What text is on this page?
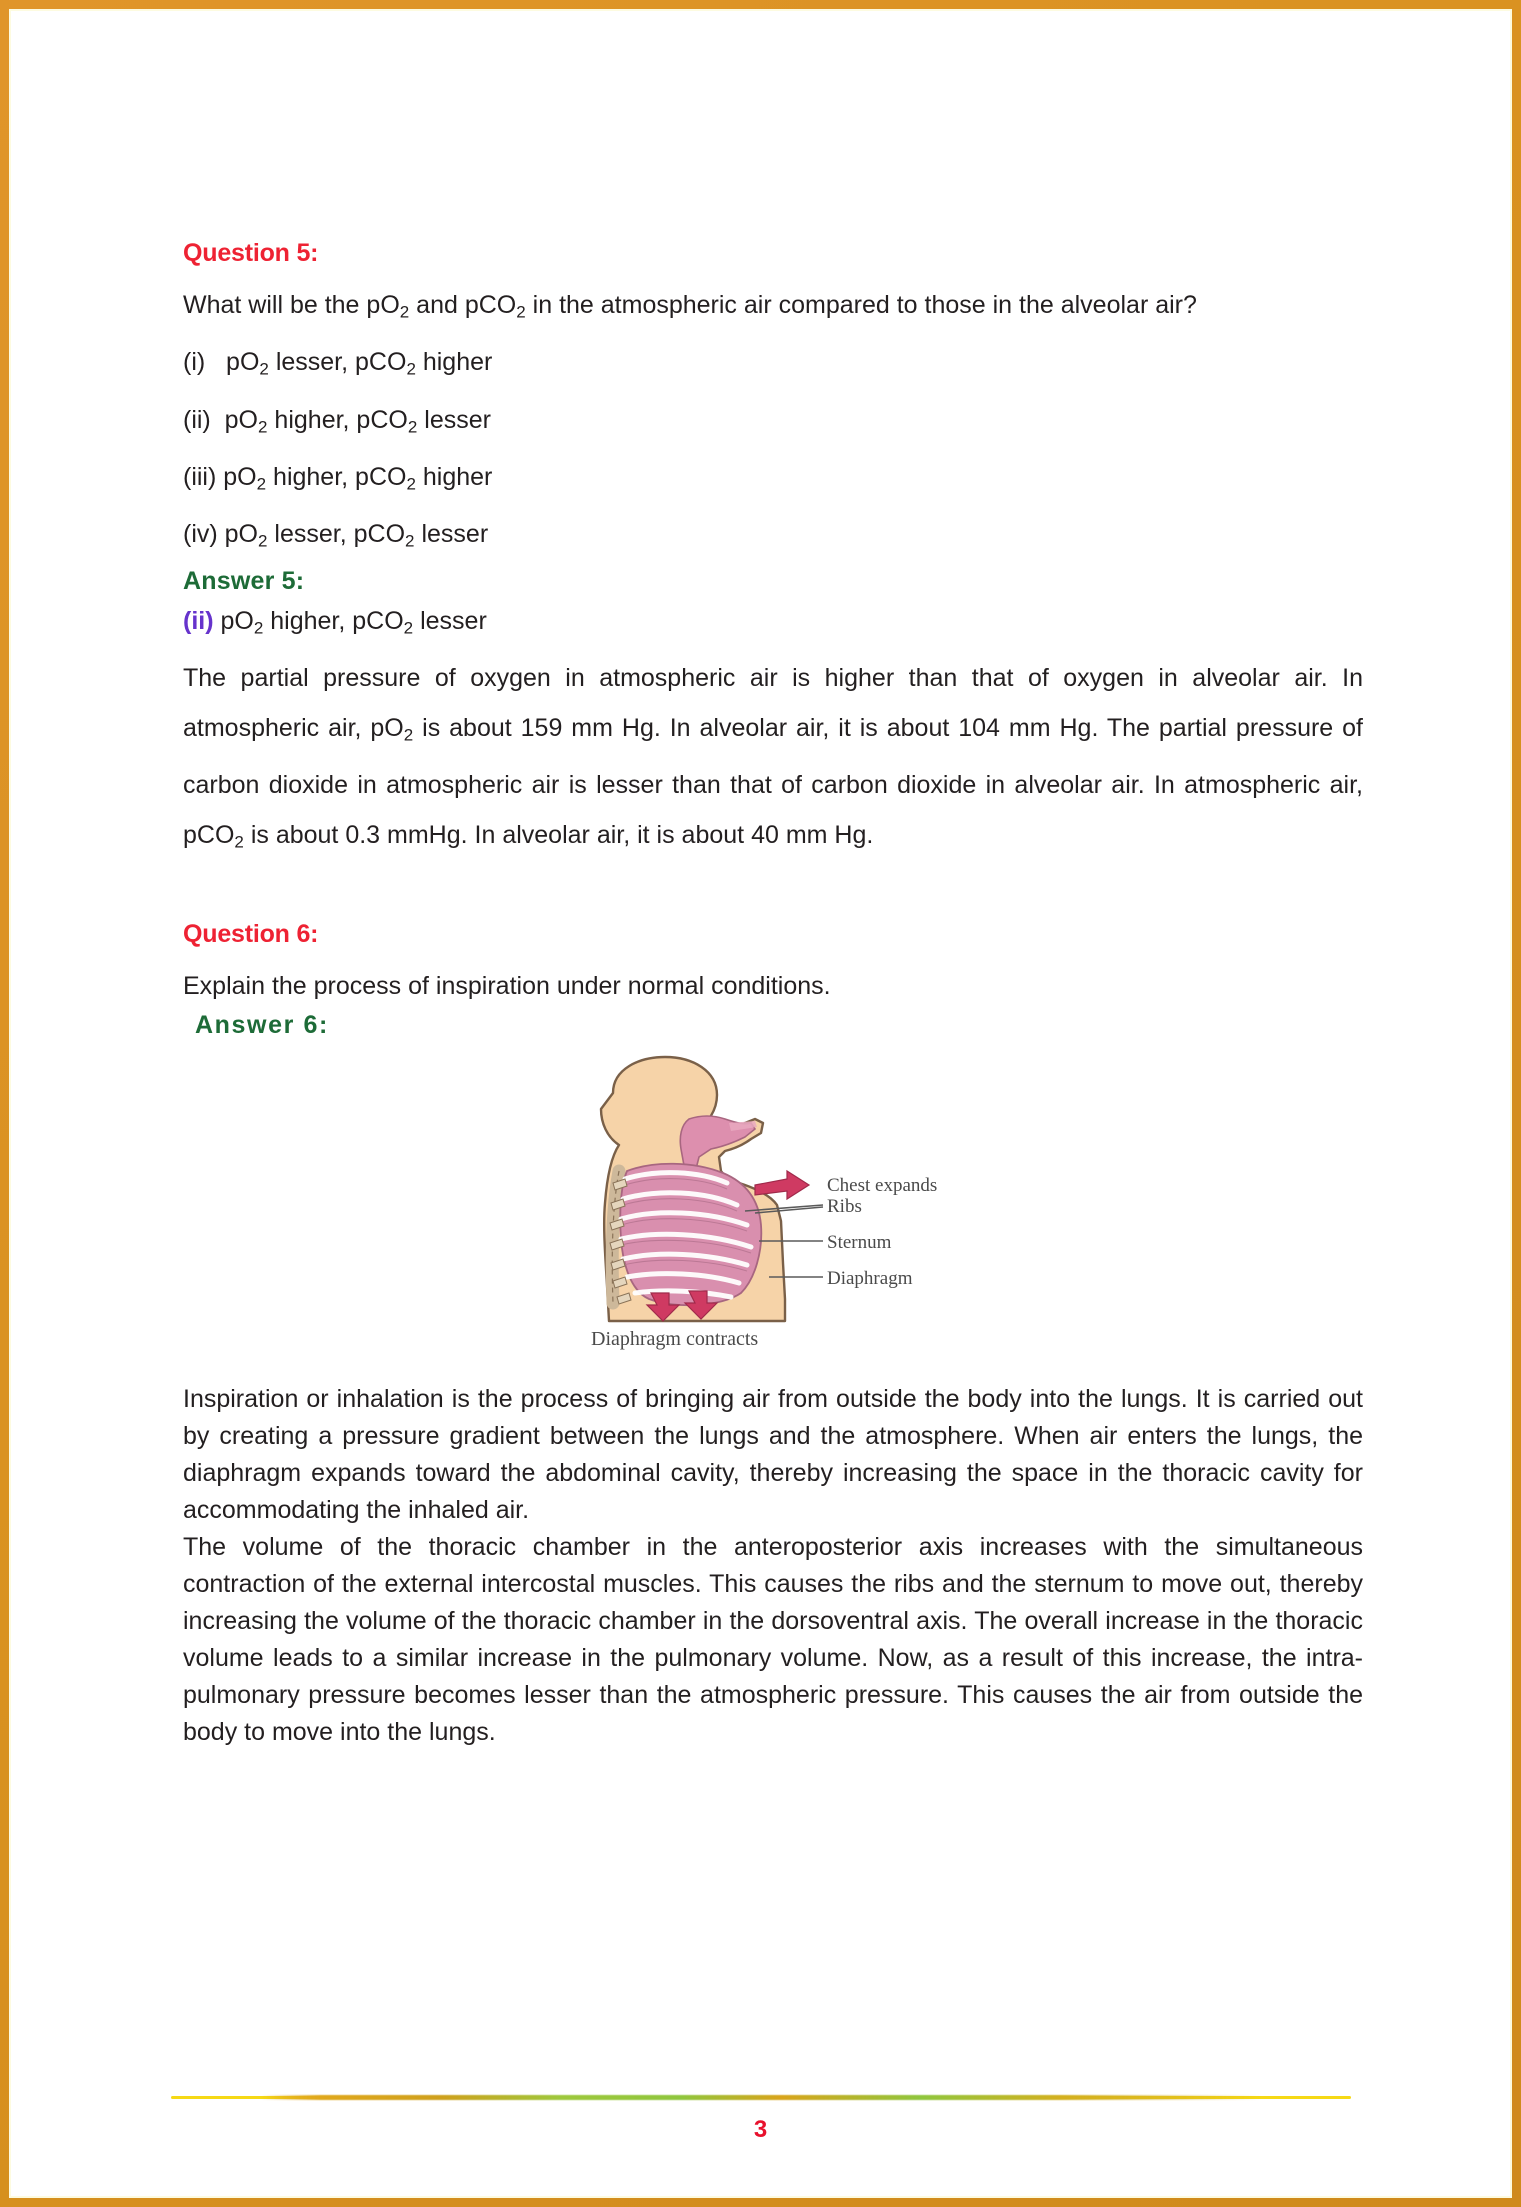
Question 5:

What will be the $pO_2$ and pCO$_2$ in the atmospheric air compared to those in the alveolar air?

(i)   $pO_2$ lesser, pCO$_2$ higher

(ii)  $pO_2$ higher, pCO$_2$ lesser

(iii) $pO_2$ higher, pCO$_2$ higher

(iv) $pO_2$ lesser, pCO$_2$ lesser

Answer 5:

(ii) $pO_2$ higher, pCO$_2$ lesser

The partial pressure of oxygen in atmospheric air is higher than that of oxygen in alveolar air. In atmospheric air, $pO_2$ is about 159 mm Hg. In alveolar air, it is about 104 mm Hg. The partial pressure of carbon dioxide in atmospheric air is lesser than that of carbon dioxide in alveolar air. In atmospheric air, pCO$_2$ is about 0.3 mmHg. In alveolar air, it is about 40 mm Hg.

Question 6:

Explain the process of inspiration under normal conditions.

Answer 6:
Chest expands
Ribs
Sternum
Diaphragm
Diaphragm contracts

Inspiration or inhalation is the process of bringing air from outside the body into the lungs. It is carried out by creating a pressure gradient between the lungs and the atmosphere. When air enters the lungs, the diaphragm expands toward the abdominal cavity, thereby increasing the space in the thoracic cavity for accommodating the inhaled air.

The volume of the thoracic chamber in the anteroposterior axis increases with the simultaneous contraction of the external intercostal muscles. This causes the ribs and the sternum to move out, thereby increasing the volume of the thoracic chamber in the dorsoventral axis. The overall increase in the thoracic volume leads to a similar increase in the pulmonary volume. Now, as a result of this increase, the intra-pulmonary pressure becomes lesser than the atmospheric pressure. This causes the air from outside the body to move into the lungs.

3
